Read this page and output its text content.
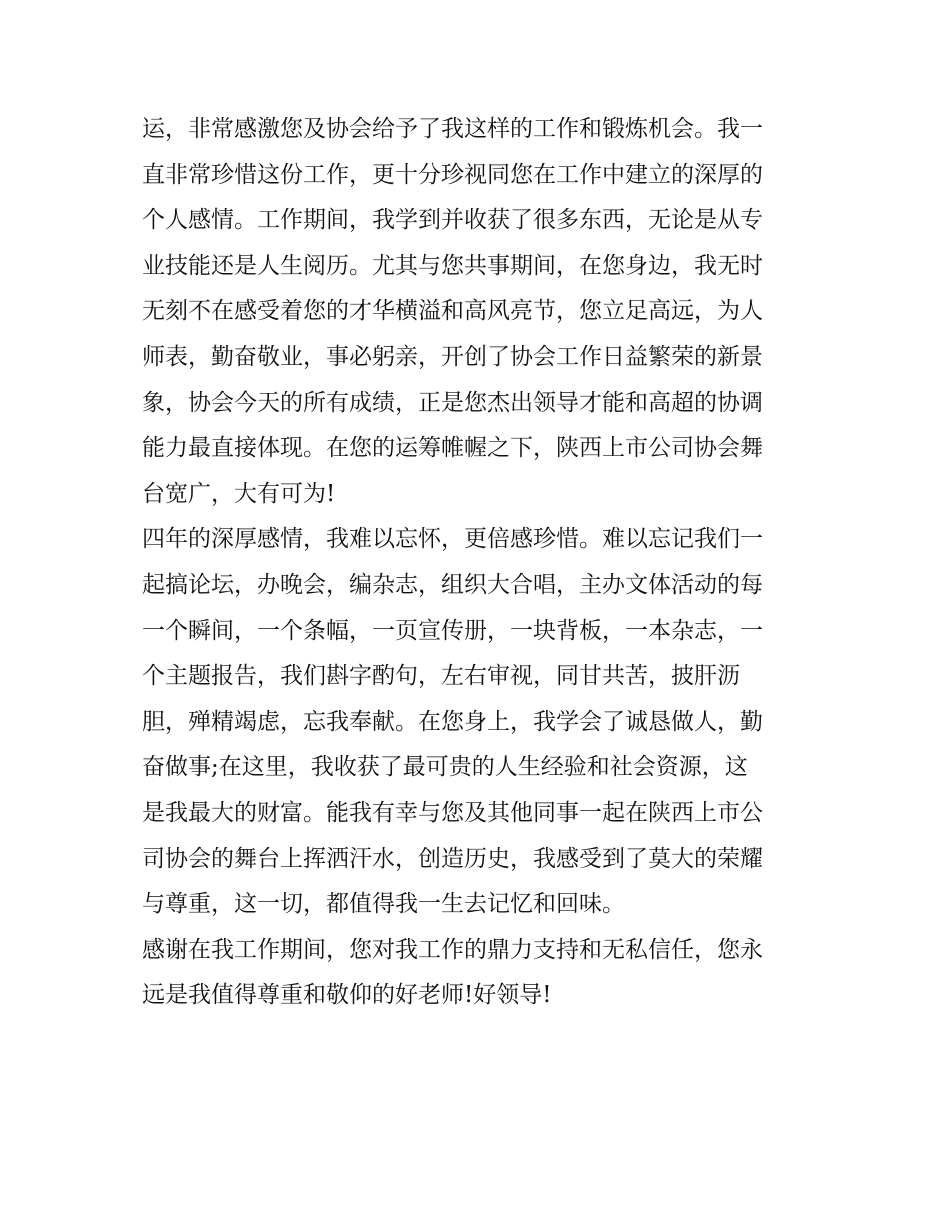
运，非常感激您及协会给予了我这样的工作和锻炼机会。我一
直非常珍惜这份工作，更十分珍视同您在工作中建立的深厚的
个人感情。工作期间，我学到并收获了很多东西，无论是从专
业技能还是人生阅历。尤其与您共事期间，在您身边，我无时
无刻不在感受着您的才华横溢和高风亮节，您立足高远，为人
师表，勤奋敬业，事必躬亲，开创了协会工作日益繁荣的新景
象，协会今天的所有成绩，正是您杰出领导才能和高超的协调
能力最直接体现。在您的运筹帷幄之下，陕西上市公司协会舞
台宽广，大有可为!
四年的深厚感情，我难以忘怀，更倍感珍惜。难以忘记我们一
起搞论坛，办晚会，编杂志，组织大合唱，主办文体活动的每
一个瞬间，一个条幅，一页宣传册，一块背板，一本杂志，一
个主题报告，我们斟字酌句，左右审视，同甘共苦，披肝沥
胆，殚精竭虑，忘我奉献。在您身上，我学会了诚恳做人，勤
奋做事;在这里，我收获了最可贵的人生经验和社会资源，这
是我最大的财富。能我有幸与您及其他同事一起在陕西上市公
司协会的舞台上挥洒汗水，创造历史，我感受到了莫大的荣耀
与尊重，这一切，都值得我一生去记忆和回味。
感谢在我工作期间，您对我工作的鼎力支持和无私信任，您永
远是我值得尊重和敬仰的好老师!好领导!
